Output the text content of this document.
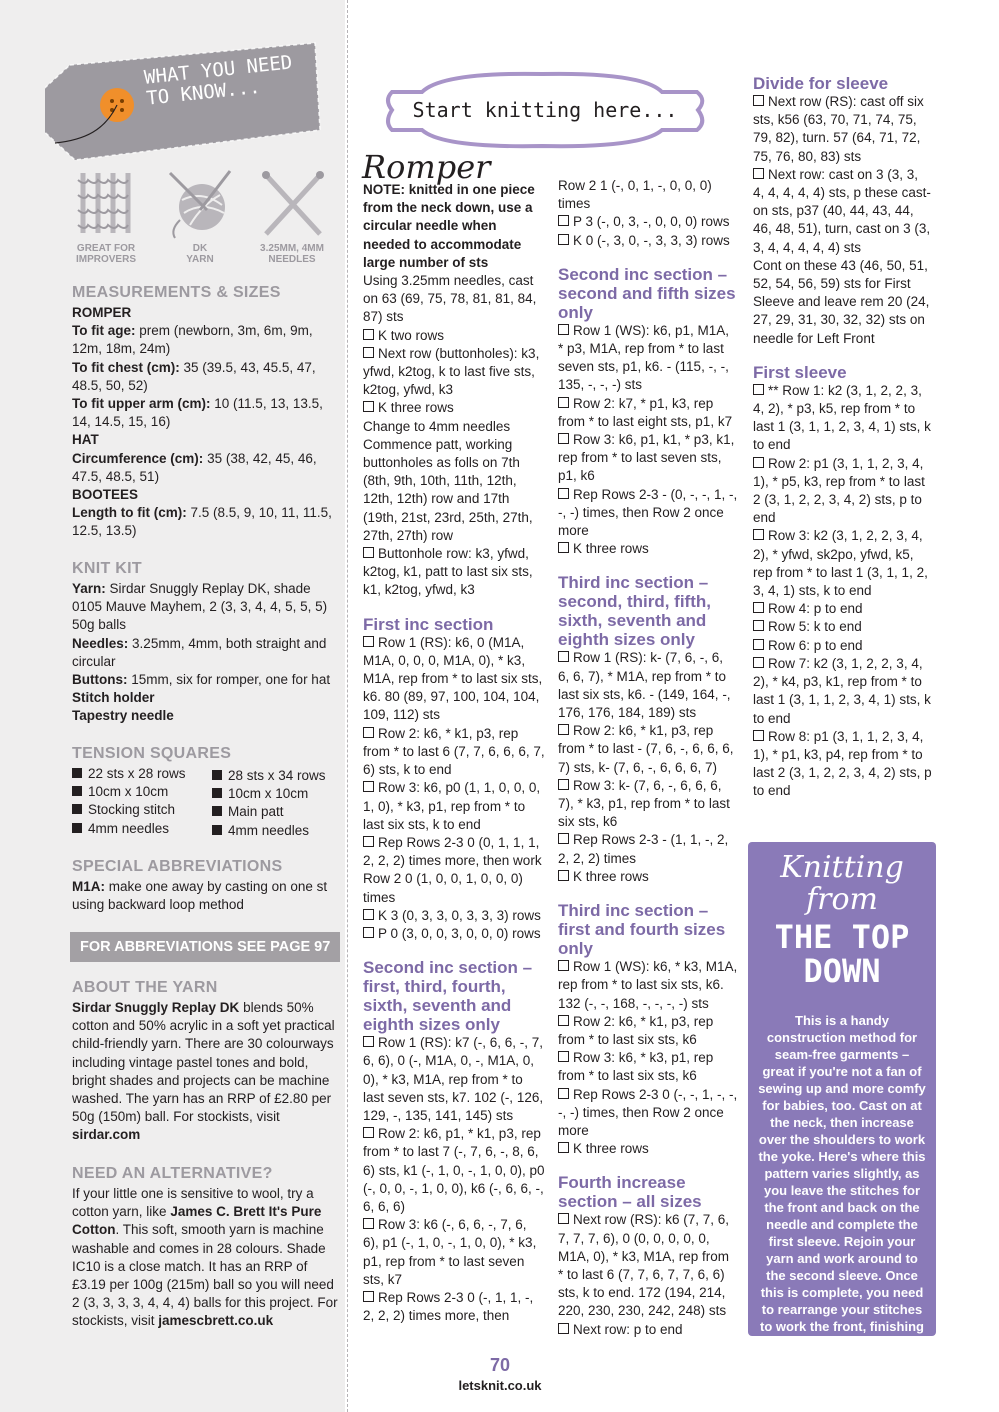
WHAT YOU NEED TO KNOW...
GREAT FOR
IMPROVERS
DK
YARN
3.25MM, 4MM
NEEDLES
MEASUREMENTS & SIZES
ROMPER
To fit age: prem (newborn, 3m, 6m, 9m, 12m, 18m, 24m)
To fit chest (cm): 35 (39.5, 43, 45.5, 47, 48.5, 50, 52)
To fit upper arm (cm): 10 (11.5, 13, 13.5, 14, 14.5, 15, 16)
HAT
Circumference (cm): 35 (38, 42, 45, 46, 47.5, 48.5, 51)
BOOTEES
Length to fit (cm): 7.5 (8.5, 9, 10, 11, 11.5, 12.5, 13.5)
KNIT KIT
Yarn: Sirdar Snuggly Replay DK, shade 0105 Mauve Mayhem, 2 (3, 3, 4, 4, 5, 5, 5) 50g balls
Needles: 3.25mm, 4mm, both straight and circular
Buttons: 15mm, six for romper, one for hat
Stitch holder
Tapestry needle
TENSION SQUARES
22 sts x 28 rows
10cm x 10cm
Stocking stitch
4mm needles
28 sts x 34 rows
10cm x 10cm
Main patt
4mm needles
SPECIAL ABBREVIATIONS
M1A: make one away by casting on one st using backward loop method
FOR ABBREVIATIONS SEE PAGE 97
ABOUT THE YARN
Sirdar Snuggly Replay DK blends 50% cotton and 50% acrylic in a soft yet practical child-friendly yarn. There are 30 colourways including vintage pastel tones and bold, bright shades and projects can be machine washed. The yarn has an RRP of £2.80 per 50g (150m) ball. For stockists, visit sirdar.com
NEED AN ALTERNATIVE?
If your little one is sensitive to wool, try a cotton yarn, like James C. Brett It's Pure Cotton. This soft, smooth yarn is machine washable and comes in 28 colours. Shade IC10 is a close match. It has an RRP of £3.19 per 100g (215m) ball so you will need 2 (3, 3, 3, 3, 4, 4, 4) balls for this project. For stockists, visit jamescbrett.co.uk
Start knitting here...
Romper
NOTE: knitted in one piece from the neck down, use a circular needle when needed to accommodate large number of sts
Using 3.25mm needles, cast on 63 (69, 75, 78, 81, 81, 84, 87) sts
K two rows
Next row (buttonholes): k3, yfwd, k2tog, k to last five sts, k2tog, yfwd, k3
K three rows
Change to 4mm needles
Commence patt, working buttonholes as folls on 7th (8th, 9th, 10th, 11th, 12th, 12th, 12th) row and 17th (19th, 21st, 23rd, 25th, 27th, 27th, 27th) row
Buttonhole row: k3, yfwd, k2tog, k1, patt to last six sts, k1, k2tog, yfwd, k3
First inc section
Row 1 (RS): k6, 0 (M1A, M1A, 0, 0, 0, M1A, 0), * k3, M1A, rep from * to last six sts, k6. 80 (89, 97, 100, 104, 104, 109, 112) sts
Row 2: k6, * k1, p3, rep from * to last 6 (7, 7, 6, 6, 6, 7, 6) sts, k to end
Row 3: k6, p0 (1, 1, 0, 0, 0, 1, 0), * k3, p1, rep from * to last six sts, k to end
Rep Rows 2-3 0 (0, 1, 1, 1, 2, 2, 2) times more, then work Row 2 0 (1, 0, 0, 1, 0, 0, 0) times
K 3 (0, 3, 3, 0, 3, 3, 3) rows
P 0 (3, 0, 0, 3, 0, 0, 0) rows
Second inc section – first, third, fourth, sixth, seventh and eighth sizes only
Row 1 (RS): k7 (-, 6, 6, -, 7, 6, 6), 0 (-, M1A, 0, -, M1A, 0, 0), * k3, M1A, rep from * to last seven sts, k7. 102 (-, 126, 129, -, 135, 141, 145) sts
Row 2: k6, p1, * k1, p3, rep from * to last 7 (-, 7, 6, -, 8, 6, 6) sts, k1 (-, 1, 0, -, 1, 0, 0), p0 (-, 0, 0, -, 1, 0, 0), k6 (-, 6, 6, -, 6, 6, 6)
Row 3: k6 (-, 6, 6, -, 7, 6, 6), p1 (-, 1, 0, -, 1, 0, 0), * k3, p1, rep from * to last seven sts, k7
Rep Rows 2-3 0 (-, 1, 1, -, 2, 2, 2) times more, then
Row 2 1 (-, 0, 1, -, 0, 0, 0) times
P 3 (-, 0, 3, -, 0, 0, 0) rows
K 0 (-, 3, 0, -, 3, 3, 3) rows
Second inc section – second and fifth sizes only
Row 1 (WS): k6, p1, M1A, * p3, M1A, rep from * to last seven sts, p1, k6. - (115, -, -, 135, -, -, -) sts
Row 2: k7, * p1, k3, rep from * to last eight sts, p1, k7
Row 3: k6, p1, k1, * p3, k1, rep from * to last seven sts, p1, k6
Rep Rows 2-3 - (0, -, -, 1, -, -, -) times, then Row 2 once more
K three rows
Third inc section – second, third, fifth, sixth, seventh and eighth sizes only
Row 1 (RS): k- (7, 6, -, 6, 6, 6, 7), * M1A, rep from * to last six sts, k6. - (149, 164, -, 176, 176, 184, 189) sts
Row 2: k6, * k1, p3, rep from * to last - (7, 6, -, 6, 6, 6, 7) sts, k- (7, 6, -, 6, 6, 6, 7)
Row 3: k- (7, 6, -, 6, 6, 6, 7), * k3, p1, rep from * to last six sts, k6
Rep Rows 2-3 - (1, 1, -, 2, 2, 2, 2) times
K three rows
Third inc section – first and fourth sizes only
Row 1 (WS): k6, * k3, M1A, rep from * to last six sts, k6. 132 (-, -, 168, -, -, -, -) sts
Row 2: k6, * k1, p3, rep from * to last six sts, k6
Row 3: k6, * k3, p1, rep from * to last six sts, k6
Rep Rows 2-3 0 (-, -, 1, -, -, -, -) times, then Row 2 once more
K three rows
Fourth increase section – all sizes
Next row (RS): k6 (7, 7, 6, 7, 7, 7, 6), 0 (0, 0, 0, 0, 0, M1A, 0), * k3, M1A, rep from * to last 6 (7, 7, 6, 7, 7, 6, 6) sts, k to end. 172 (194, 214, 220, 230, 230, 242, 248) sts
Next row: p to end
Divide for sleeve
Next row (RS): cast off six sts, k56 (63, 70, 71, 74, 75, 79, 82), turn. 57 (64, 71, 72, 75, 76, 80, 83) sts
Next row: cast on 3 (3, 3, 4, 4, 4, 4, 4) sts, p these cast-on sts, p37 (40, 44, 43, 44, 46, 48, 51), turn, cast on 3 (3, 3, 4, 4, 4, 4, 4) sts
Cont on these 43 (46, 50, 51, 52, 54, 56, 59) sts for First Sleeve and leave rem 20 (24, 27, 29, 31, 30, 32, 32) sts on needle for Left Front
First sleeve
** Row 1: k2 (3, 1, 2, 2, 3, 4, 2), * p3, k5, rep from * to last 1 (3, 1, 1, 2, 3, 4, 1) sts, k to end
Row 2: p1 (3, 1, 1, 2, 3, 4, 1), * p5, k3, rep from * to last 2 (3, 1, 2, 2, 3, 4, 2) sts, p to end
Row 3: k2 (3, 1, 2, 2, 3, 4, 2), * yfwd, sk2po, yfwd, k5, rep from * to last 1 (3, 1, 1, 2, 3, 4, 1) sts, k to end
Row 4: p to end
Row 5: k to end
Row 6: p to end
Row 7: k2 (3, 1, 2, 2, 3, 4, 2), * k4, p3, k1, rep from * to last 1 (3, 1, 1, 2, 3, 4, 1) sts, k to end
Row 8: p1 (3, 1, 1, 2, 3, 4, 1), * p1, k3, p4, rep from * to last 2 (3, 1, 2, 2, 3, 4, 2) sts, p to end
Knitting from
THE TOP DOWN
This is a handy construction method for seam-free garments – great if you're not a fan of sewing up and more comfy for babies, too. Cast on at the neck, then increase over the shoulders to work the yoke. Here's where this pattern varies slightly, as you leave the stitches for the front and back on the needle and complete the first sleeve. Rejoin your yarn and work around to the second sleeve. Once this is complete, you need to rearrange your stitches to work the front, finishing with the back section.
70
letsknit.co.uk
